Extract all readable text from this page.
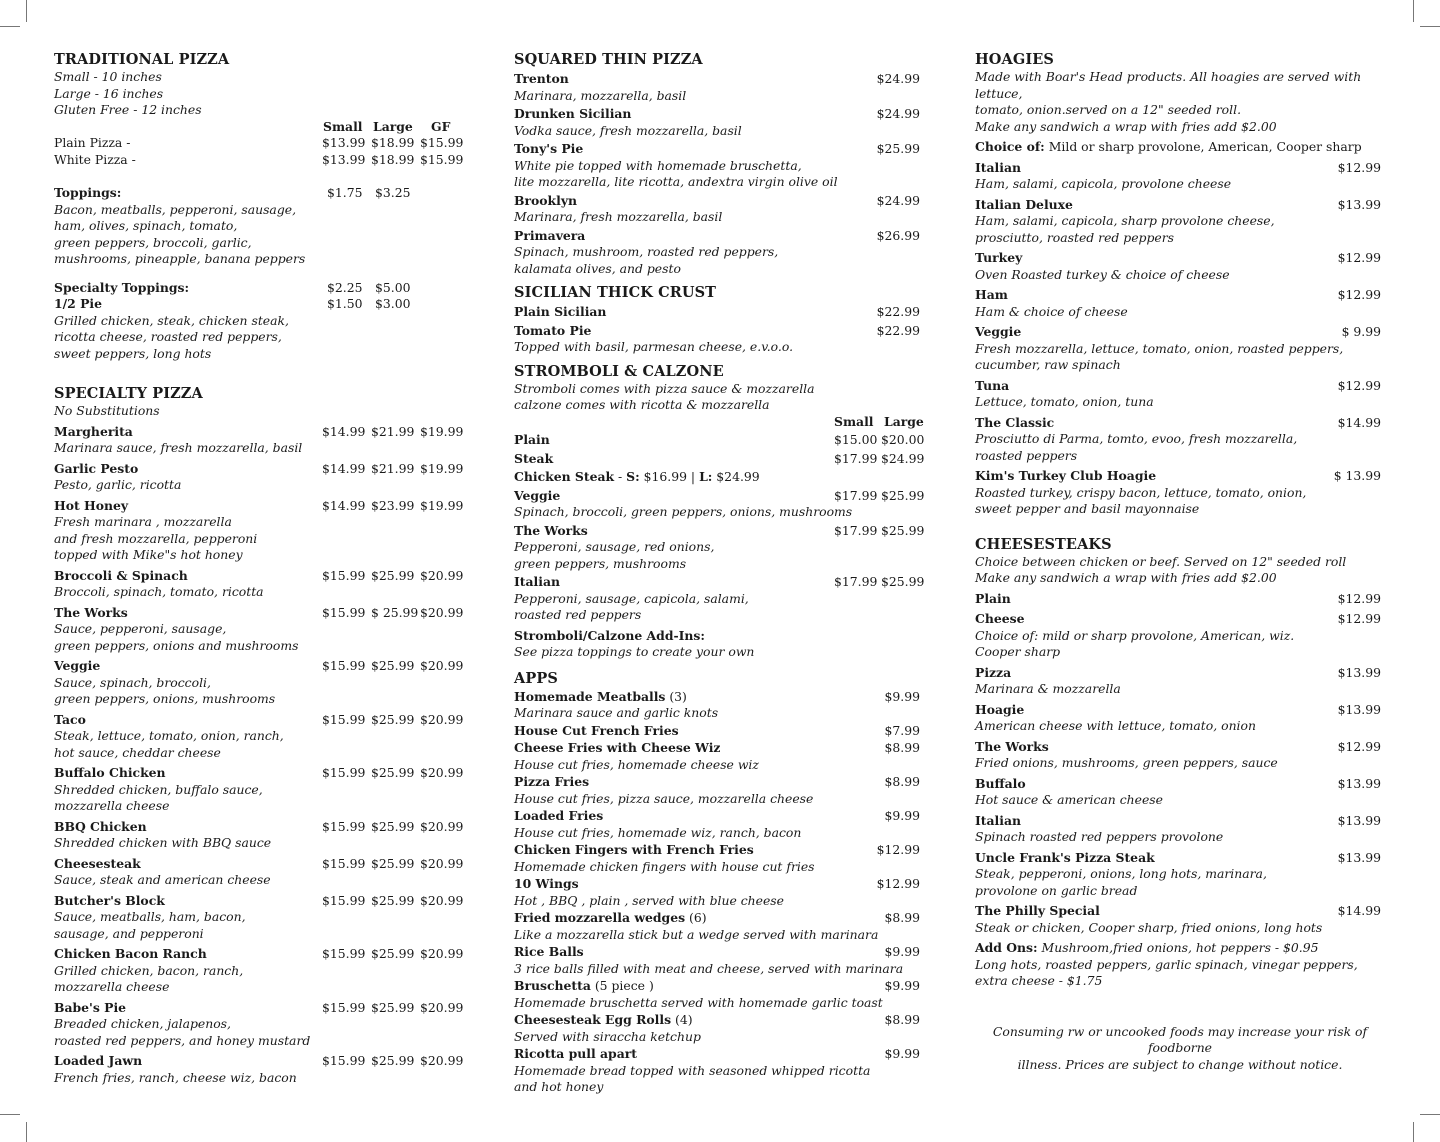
TRADITIONAL PIZZA
Small - 10 inches
Large - 16 inches
Gluten Free - 12 inches
Small Large GF
Plain Pizza -	$13.99 $18.99 $15.99
White Pizza -	$13.99 $18.99 $15.99
Toppings:	$1.75 $3.25
Bacon, meatballs, pepperoni, sausage,
ham, olives, spinach, tomato,
green peppers, broccoli, garlic,
mushrooms, pineapple, banana peppers
Specialty Toppings:	$2.25 $5.00
1/2 Pie	$1.50 $3.00
Grilled chicken, steak, chicken steak,
ricotta cheese, roasted red peppers,
sweet peppers, long hots
SPECIALTY PIZZA
No Substitutions
Margherita	$14.99 $21.99 $19.99
Marinara sauce, fresh mozzarella, basil
Garlic Pesto	$14.99 $21.99 $19.99
Pesto, garlic, ricotta
Hot Honey	$14.99 $23.99 $19.99
Fresh marinara , mozzarella
and fresh mozzarella, pepperoni
topped with Mike"s hot honey
Broccoli & Spinach	$15.99 $25.99 $20.99
Broccoli, spinach, tomato, ricotta
The Works	$15.99 $ 25.99 $20.99
Sauce, pepperoni, sausage,
green peppers, onions and mushrooms
Veggie	$15.99 $25.99 $20.99
Sauce, spinach, broccoli,
green peppers, onions, mushrooms
Taco	$15.99 $25.99 $20.99
Steak, lettuce, tomato, onion, ranch,
hot sauce, cheddar cheese
Buffalo Chicken	$15.99 $25.99 $20.99
Shredded chicken, buffalo sauce,
mozzarella cheese
BBQ Chicken	$15.99 $25.99 $20.99
Shredded chicken with BBQ sauce
Cheesesteak	$15.99 $25.99 $20.99
Sauce, steak and american cheese
Butcher's Block	$15.99 $25.99 $20.99
Sauce, meatballs, ham, bacon,
sausage, and pepperoni
Chicken Bacon Ranch	$15.99 $25.99 $20.99
Grilled chicken, bacon, ranch,
mozzarella cheese
Babe's Pie	$15.99 $25.99 $20.99
Breaded chicken, jalapenos,
roasted red peppers, and honey mustard
Loaded Jawn	$15.99 $25.99 $20.99
French fries, ranch, cheese wiz, bacon
SQUARED THIN PIZZA
Trenton	$24.99
Marinara, mozzarella, basil
Drunken Sicilian	$24.99
Vodka sauce, fresh mozzarella, basil
Tony's Pie	$25.99
White pie topped with homemade bruschetta,
lite mozzarella, lite ricotta, andextra virgin olive oil
Brooklyn	$24.99
Marinara, fresh mozzarella, basil
Primavera	$26.99
Spinach, mushroom, roasted red peppers,
kalamata olives, and pesto
SICILIAN THICK CRUST
Plain Sicilian	$22.99
Tomato Pie	$22.99
Topped with basil, parmesan cheese, e.v.o.o.
STROMBOLI & CALZONE
Stromboli comes with pizza sauce & mozzarella
calzone comes with ricotta & mozzarella
Small Large
Plain	$15.00 $20.00
Steak	$17.99 $24.99
Chicken Steak - S: $16.99 | L: $24.99
Veggie	$17.99 $25.99
Spinach, broccoli, green peppers, onions, mushrooms
The Works	$17.99 $25.99
Pepperoni, sausage, red onions,
green peppers, mushrooms
Italian	$17.99 $25.99
Pepperoni, sausage, capicola, salami,
roasted red peppers
Stromboli/Calzone Add-Ins:
See pizza toppings to create your own
APPS
Homemade Meatballs (3)	$9.99
Marinara sauce and garlic knots
House Cut French Fries	$7.99
Cheese Fries with Cheese Wiz	$8.99
House cut fries, homemade cheese wiz
Pizza Fries	$8.99
House cut fries, pizza sauce, mozzarella cheese
Loaded Fries	$9.99
House cut fries, homemade wiz, ranch, bacon
Chicken Fingers with French Fries	$12.99
Homemade chicken fingers with house cut fries
10 Wings	$12.99
Hot , BBQ , plain , served with blue cheese
Fried mozzarella wedges (6)	$8.99
Like a mozzarella stick but a wedge served with marinara
Rice Balls	$9.99
3 rice balls filled with meat and cheese, served with marinara
Bruschetta (5 piece )	$9.99
Homemade bruschetta served with homemade garlic toast
Cheesesteak Egg Rolls (4)	$8.99
Served with siraccha ketchup
Ricotta pull apart	$9.99
Homemade bread topped with seasoned whipped ricotta
and hot honey
HOAGIES
Made with Boar's Head products. All hoagies are served with lettuce,
tomato, onion.served on a 12" seeded roll.
Make any sandwich a wrap with fries add $2.00
Choice of: Mild or sharp provolone, American, Cooper sharp
Italian	$12.99
Ham, salami, capicola, provolone cheese
Italian Deluxe	$13.99
Ham, salami, capicola, sharp provolone cheese,
prosciutto, roasted red peppers
Turkey	$12.99
Oven Roasted turkey & choice of cheese
Ham	$12.99
Ham & choice of cheese
Veggie	$ 9.99
Fresh mozzarella, lettuce, tomato, onion, roasted peppers,
cucumber, raw spinach
Tuna	$12.99
Lettuce, tomato, onion, tuna
The Classic	$14.99
Prosciutto di Parma, tomto, evoo, fresh mozzarella,
roasted peppers
Kim's Turkey Club Hoagie	$ 13.99
Roasted turkey, crispy bacon, lettuce, tomato, onion,
sweet pepper and basil mayonnaise
CHEESESTEAKS
Choice between chicken or beef. Served on 12" seeded roll
Make any sandwich a wrap with fries add $2.00
Plain	$12.99
Cheese	$12.99
Choice of: mild or sharp provolone, American, wiz.
Cooper sharp
Pizza	$13.99
Marinara & mozzarella
Hoagie	$13.99
American cheese with lettuce, tomato, onion
The Works	$12.99
Fried onions, mushrooms, green peppers, sauce
Buffalo	$13.99
Hot sauce & american cheese
Italian	$13.99
Spinach roasted red peppers provolone
Uncle Frank's Pizza Steak	$13.99
Steak, pepperoni, onions, long hots, marinara,
provolone on garlic bread
The Philly Special	$14.99
Steak or chicken, Cooper sharp, fried onions, long hots
Add Ons: Mushroom,fried onions, hot peppers - $0.95
Long hots, roasted peppers, garlic spinach, vinegar peppers,
extra cheese - $1.75
Consuming rw or uncooked foods may increase your risk of foodborne
illness. Prices are subject to change without notice.
